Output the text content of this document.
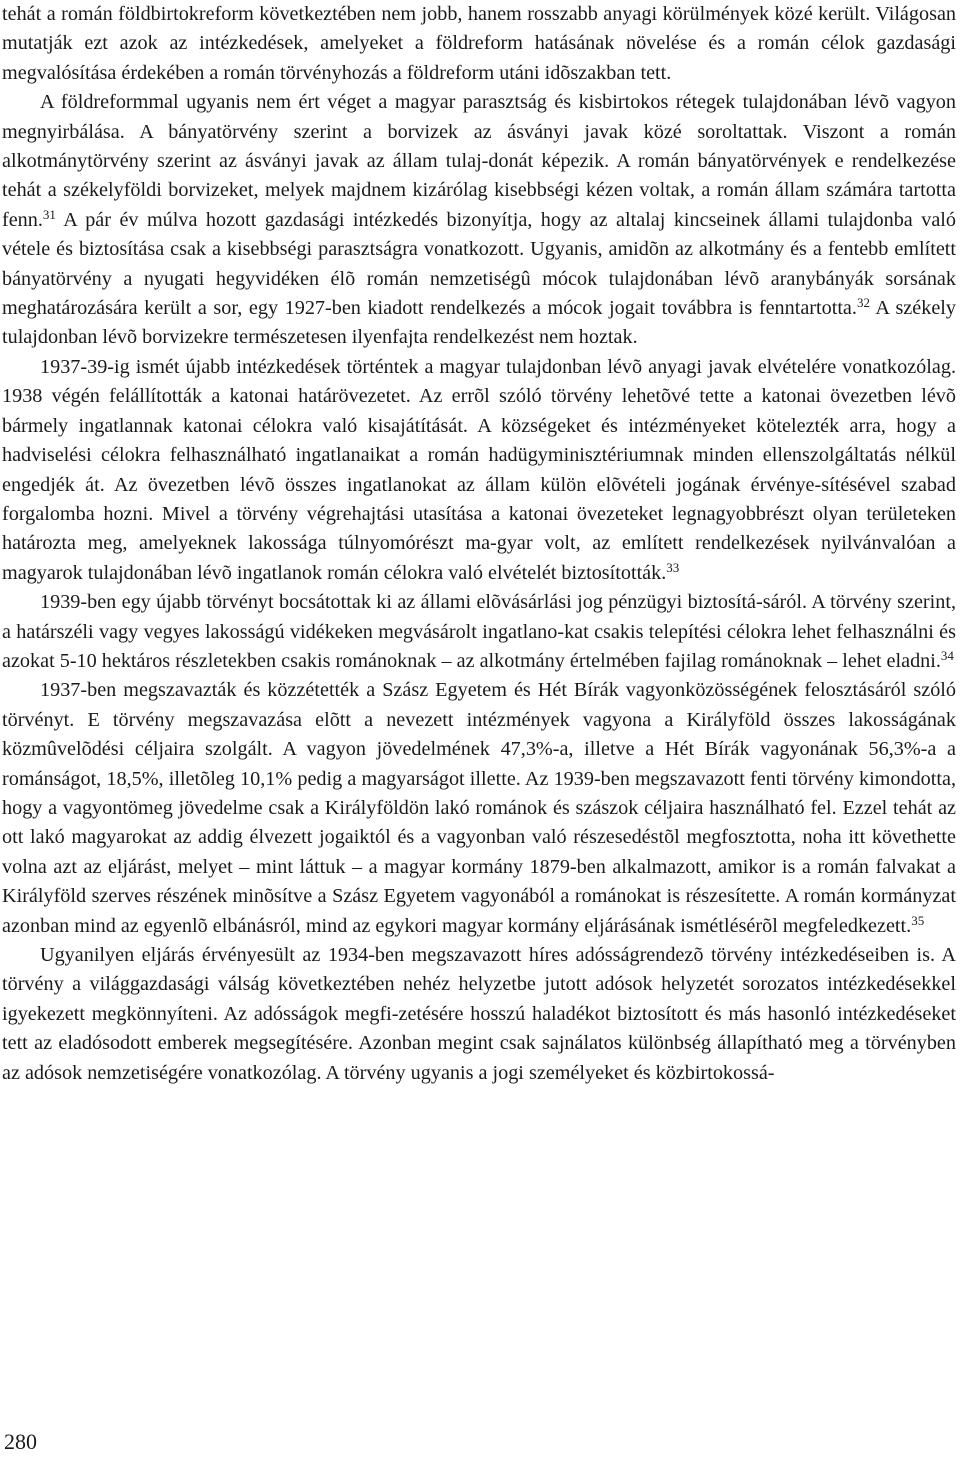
tehát a román földbirtokreform következtében nem jobb, hanem rosszabb anyagi körülmények közé került. Világosan mutatják ezt azok az intézkedések, amelyeket a földreform hatásának növelése és a román célok gazdasági megvalósítása érdekében a román törvényhozás a földreform utáni idõszakban tett.

A földreformmal ugyanis nem ért véget a magyar parasztság és kisbirtokos rétegek tulajdonában lévõ vagyon megnyirbálása. A bányatörvény szerint a borvizek az ásványi javak közé soroltattak. Viszont a román alkotmánytörvény szerint az ásványi javak az állam tulaj-donát képezik. A román bányatörvények e rendelkezése tehát a székelyföldi borvizeket, melyek majdnem kizárólag kisebbségi kézen voltak, a román állam számára tartotta fenn.$^{31}$ A pár év múlva hozott gazdasági intézkedés bizonyítja, hogy az altalaj kincseinek állami tulajdonba való vétele és biztosítása csak a kisebbségi parasztságra vonatkozott. Ugyanis, amidõn az alkotmány és a fentebb említett bányatörvény a nyugati hegyvidéken élõ román nemzetiségû mócok tulajdonában lévõ aranybányák sorsának meghatározására került a sor, egy 1927-ben kiadott rendelkezés a mócok jogait továbbra is fenntartotta.$^{32}$ A székely tulajdonban lévõ borvizekre természetesen ilyenfajta rendelkezést nem hoztak.

1937-39-ig ismét újabb intézkedések történtek a magyar tulajdonban lévõ anyagi javak elvételére vonatkozólag. 1938 végén felállították a katonai határövezetet. Az errõl szóló törvény lehetõvé tette a katonai övezetben lévõ bármely ingatlannak katonai célokra való kisajátítását. A községeket és intézményeket kötelezték arra, hogy a hadviselési célokra felhasználható ingatlanaikat a román hadügyminisztériumnak minden ellenszolgáltatás nélkül engedjék át. Az övezetben lévõ összes ingatlanokat az állam külön elõvételi jogának érvénye-sítésével szabad forgalomba hozni. Mivel a törvény végrehajtási utasítása a katonai övezeteket legnagyobbrészt olyan területeken határozta meg, amelyeknek lakossága túlnyomórészt ma-gyar volt, az említett rendelkezések nyilvánvalóan a magyarok tulajdonában lévõ ingatlanok román célokra való elvételét biztosították.$^{33}$

1939-ben egy újabb törvényt bocsátottak ki az állami elõvásárlási jog pénzügyi biztosítá-sáról. A törvény szerint, a határszéli vagy vegyes lakosságú vidékeken megvásárolt ingatlano-kat csakis telepítési célokra lehet felhasználni és azokat 5-10 hektáros részletekben csakis románoknak – az alkotmány értelmében fajilag románoknak – lehet eladni.$^{34}$

1937-ben megszavazták és közzétették a Szász Egyetem és Hét Bírák vagyonközösségének felosztásáról szóló törvényt. E törvény megszavazása elõtt a nevezett intézmények vagyona a Királyföld összes lakosságának közmûvelõdési céljaira szolgált. A vagyon jövedelmének 47,3%-a, illetve a Hét Bírák vagyonának 56,3%-a a románságot, 18,5%, illetõleg 10,1% pedig a magyarságot illette. Az 1939-ben megszavazott fenti törvény kimondotta, hogy a vagyontömeg jövedelme csak a Királyföldön lakó románok és szászok céljaira használható fel. Ezzel tehát az ott lakó magyarokat az addig élvezett jogaiktól és a vagyonban való részesedéstõl megfosztotta, noha itt követhette volna azt az eljárást, melyet – mint láttuk – a magyar kormány 1879-ben alkalmazott, amikor is a román falvakat a Királyföld szerves részének minõsítve a Szász Egyetem vagyonából a románokat is részesítette. A román kormányzat azonban mind az egyenlõ elbánásról, mind az egykori magyar kormány eljárásának ismétlésérõl megfeledkezett.$^{35}$

Ugyanilyen eljárás érvényesült az 1934-ben megszavazott híres adósságrendezõ törvény intézkedéseiben is. A törvény a világgazdasági válság következtében nehéz helyzetbe jutott adósok helyzetét sorozatos intézkedésekkel igyekezett megkönnyíteni. Az adósságok megfi-zetésére hosszú haladékot biztosított és más hasonló intézkedéseket tett az eladósodott emberek megsegítésére. Azonban megint csak sajnálatos különbség állapítható meg a törvényben az adósok nemzetiségére vonatkozólag. A törvény ugyanis a jogi személyeket és közbirtokossá-

280
